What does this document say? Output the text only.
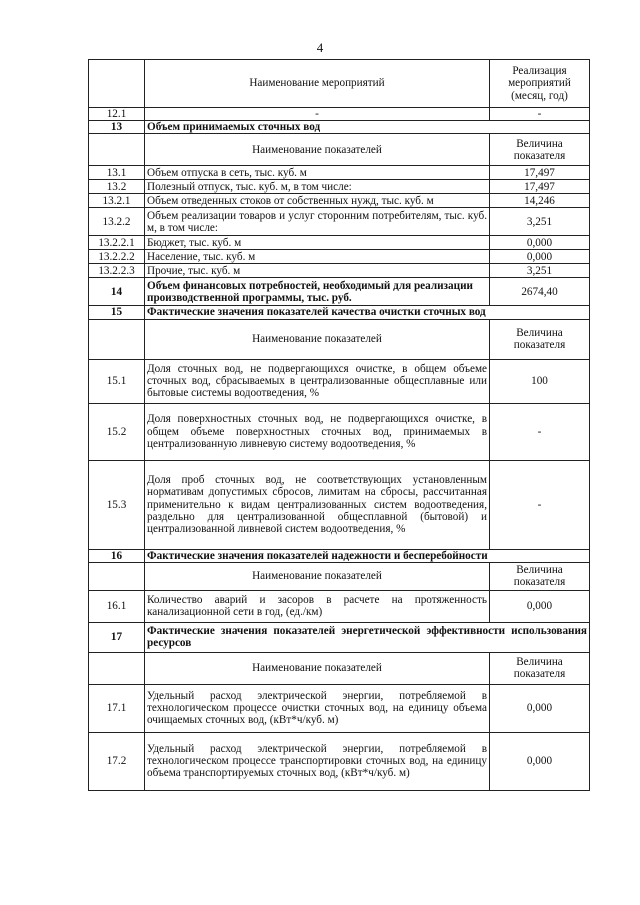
4
	Наименование мероприятий	Реализация мероприятий (месяц, год)
12.1	-	-
13	Объем принимаемых сточных вод	
	Наименование показателей	Величина показателя
13.1	Объем отпуска в сеть, тыс. куб. м	17,497
13.2	Полезный отпуск, тыс. куб. м, в том числе:	17,497
13.2.1	Объем отведенных стоков от собственных нужд, тыс. куб. м	14,246
13.2.2	Объем реализации товаров и услуг сторонним потребителям, тыс. куб. м, в том числе:	3,251
13.2.2.1	Бюджет, тыс. куб. м	0,000
13.2.2.2	Население, тыс. куб. м	0,000
13.2.2.3	Прочие, тыс. куб. м	3,251
14	Объем финансовых потребностей, необходимый для реализации производственной программы, тыс. руб.	2674,40
15	Фактические значения показателей качества очистки сточных вод	
	Наименование показателей	Величина показателя
15.1	Доля сточных вод, не подвергающихся очистке, в общем объеме сточных вод, сбрасываемых в централизованные общесплавные или бытовые системы водоотведения, %	100
15.2	Доля поверхностных сточных вод, не подвергающихся очистке, в общем объеме поверхностных сточных вод, принимаемых в централизованную ливневую систему водоотведения, %	-
15.3	Доля проб сточных вод, не соответствующих установленным нормативам допустимых сбросов, лимитам на сбросы, рассчитанная применительно к видам централизованных систем водоотведения, раздельно для централизованной общесплавной (бытовой) и централизованной ливневой систем водоотведения, %	-
16	Фактические значения показателей надежности и бесперебойности	
	Наименование показателей	Величина показателя
16.1	Количество аварий и засоров в расчете на протяженность канализационной сети в год, (ед./км)	0,000
17	Фактические значения показателей энергетической эффективности использования ресурсов	
	Наименование показателей	Величина показателя
17.1	Удельный расход электрической энергии, потребляемой в технологическом процессе очистки сточных вод, на единицу объема очищаемых сточных вод, (кВт*ч/куб. м)	0,000
17.2	Удельный расход электрической энергии, потребляемой в технологическом процессе транспортировки сточных вод, на единицу объема транспортируемых сточных вод, (кВт*ч/куб. м)	0,000
